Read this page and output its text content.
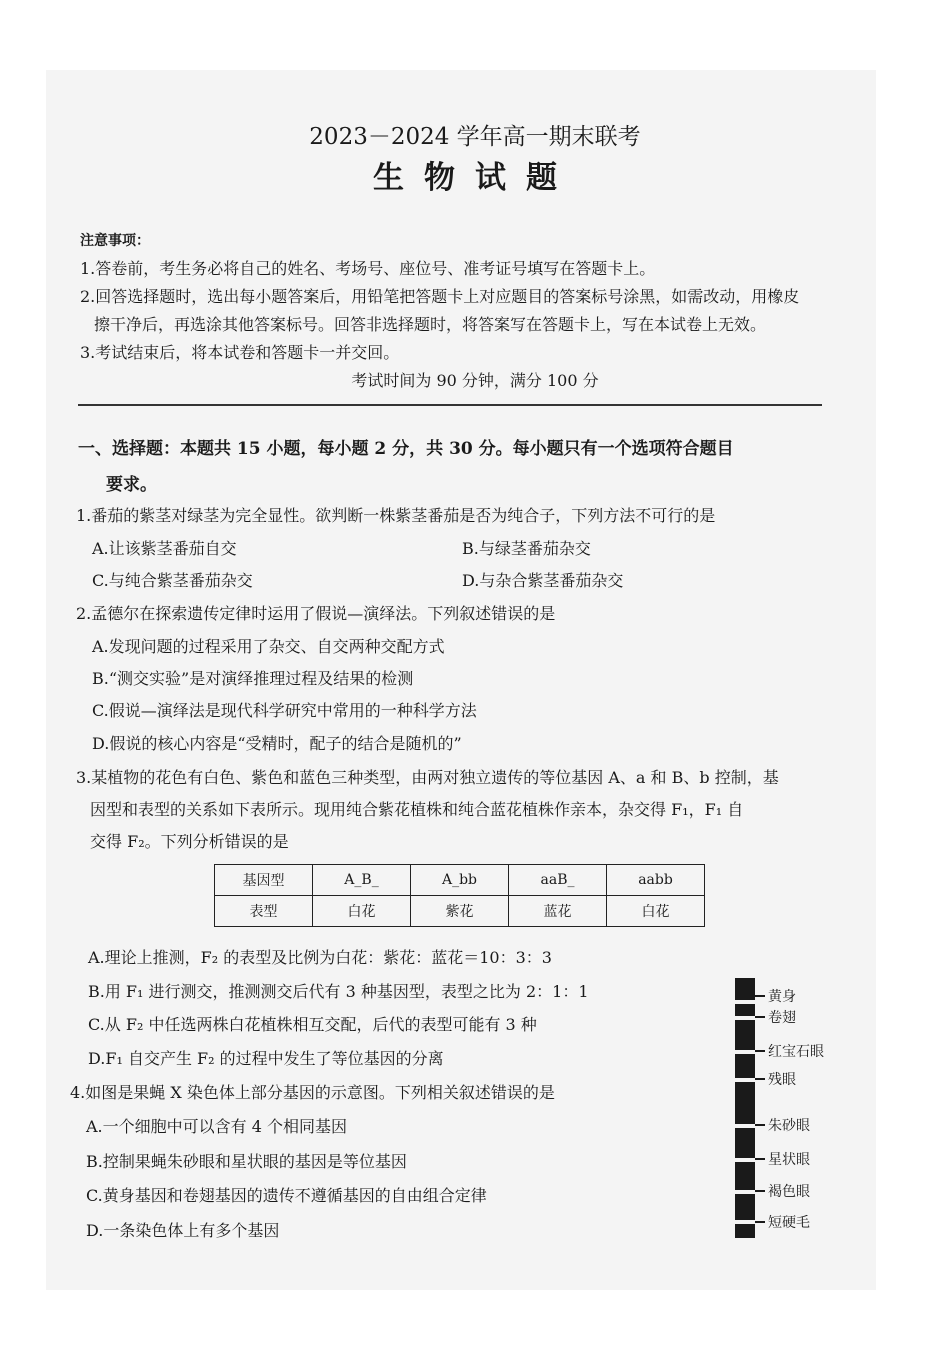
2023－2024 学年高一期末联考
生物试题
注意事项：
1.答卷前，考生务必将自己的姓名、考场号、座位号、准考证号填写在答题卡上。
2.回答选择题时，选出每小题答案后，用铅笔把答题卡上对应题目的答案标号涂黑，如需改动，用橡皮
擦干净后，再选涂其他答案标号。回答非选择题时，将答案写在答题卡上，写在本试卷上无效。
3.考试结束后，将本试卷和答题卡一并交回。
考试时间为 90 分钟，满分 100 分
一、选择题：本题共 15 小题，每小题 2 分，共 30 分。每小题只有一个选项符合题目
要求。
1.番茄的紫茎对绿茎为完全显性。欲判断一株紫茎番茄是否为纯合子，下列方法不可行的是
A.让该紫茎番茄自交	B.与绿茎番茄杂交
C.与纯合紫茎番茄杂交	D.与杂合紫茎番茄杂交
2.孟德尔在探索遗传定律时运用了假说—演绎法。下列叙述错误的是
A.发现问题的过程采用了杂交、自交两种交配方式
B.“测交实验”是对演绎推理过程及结果的检测
C.假说—演绎法是现代科学研究中常用的一种科学方法
D.假说的核心内容是“受精时，配子的结合是随机的”
3.某植物的花色有白色、紫色和蓝色三种类型，由两对独立遗传的等位基因 A、a 和 B、b 控制，基
因型和表型的关系如下表所示。现用纯合紫花植株和纯合蓝花植株作亲本，杂交得 F₁，F₁ 自
交得 F₂。下列分析错误的是
基因型	A_B_	A_bb	aaB_	aabb
表型	白花	紫花	蓝花	白花
A.理论上推测，F₂ 的表型及比例为白花：紫花：蓝花＝10：3：3
B.用 F₁ 进行测交，推测测交后代有 3 种基因型，表型之比为 2：1：1
C.从 F₂ 中任选两株白花植株相互交配，后代的表型可能有 3 种
D.F₁ 自交产生 F₂ 的过程中发生了等位基因的分离
4.如图是果蝇 X 染色体上部分基因的示意图。下列相关叙述错误的是
A.一个细胞中可以含有 4 个相同基因
B.控制果蝇朱砂眼和星状眼的基因是等位基因
C.黄身基因和卷翅基因的遗传不遵循基因的自由组合定律
D.一条染色体上有多个基因
黄身
卷翅
红宝石眼
残眼
朱砂眼
星状眼
褐色眼
短硬毛
